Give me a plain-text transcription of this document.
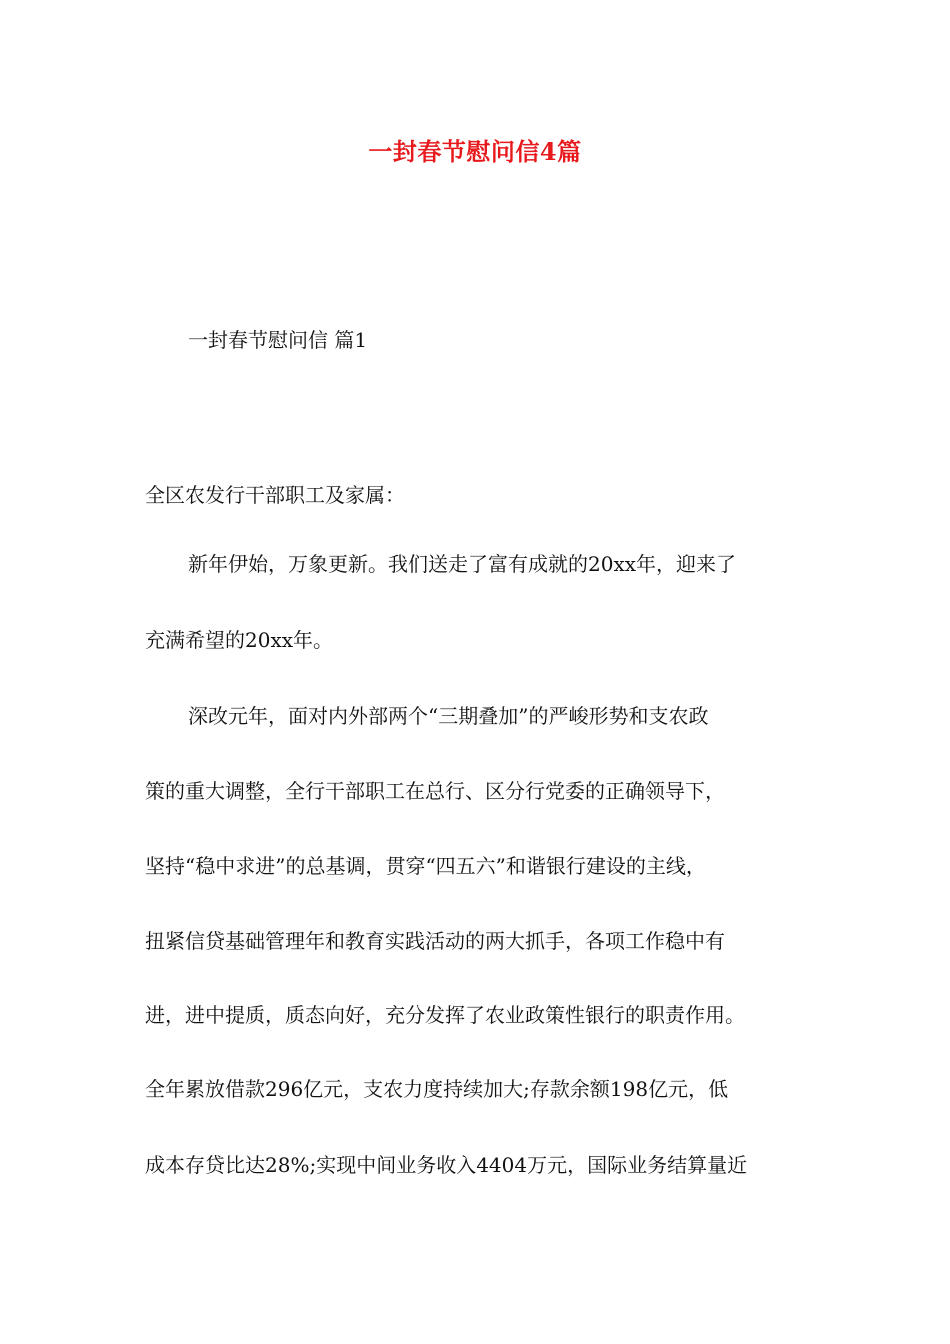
一封春节慰问信4篇
一封春节慰问信 篇1
全区农发行干部职工及家属：
新年伊始，万象更新。我们送走了富有成就的20xx年，迎来了
充满希望的20xx年。
深改元年，面对内外部两个“三期叠加”的严峻形势和支农政
策的重大调整，全行干部职工在总行、区分行党委的正确领导下，
坚持“稳中求进”的总基调，贯穿“四五六”和谐银行建设的主线，
扭紧信贷基础管理年和教育实践活动的两大抓手，各项工作稳中有
进，进中提质，质态向好，充分发挥了农业政策性银行的职责作用。
全年累放借款296亿元，支农力度持续加大;存款余额198亿元，低
成本存贷比达28%;实现中间业务收入4404万元，国际业务结算量近
